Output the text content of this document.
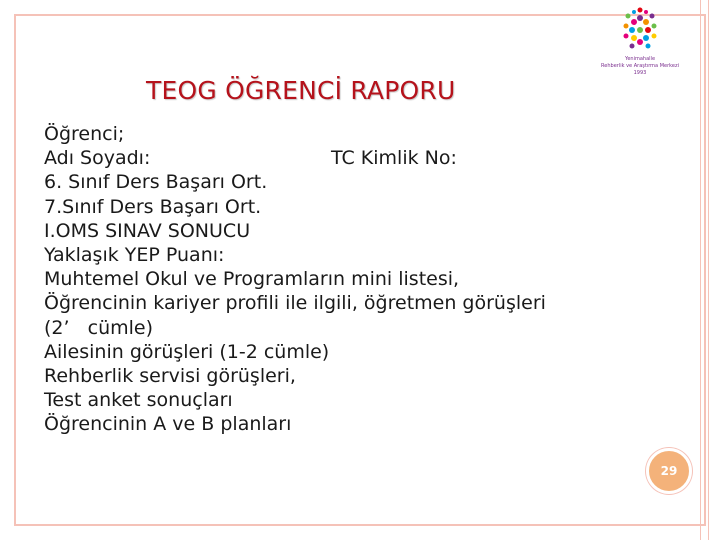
Yenimahalle
Rehberlik ve Araştırma Merkezi
1993
TEOG ÖĞRENCİ RAPORU
Öğrenci;
Adı Soyadı:	TC Kimlik No:
6. Sınıf Ders Başarı Ort.
7.Sınıf Ders Başarı Ort.
I.OMS SINAV SONUCU
Yaklaşık YEP Puanı:
Muhtemel Okul ve Programların mini listesi,
Öğrencinin kariyer profili ile ilgili, öğretmen görüşleri
(2’   cümle)
Ailesinin görüşleri (1-2 cümle)
Rehberlik servisi görüşleri,
Test anket sonuçları
Öğrencinin A ve B planları
29
